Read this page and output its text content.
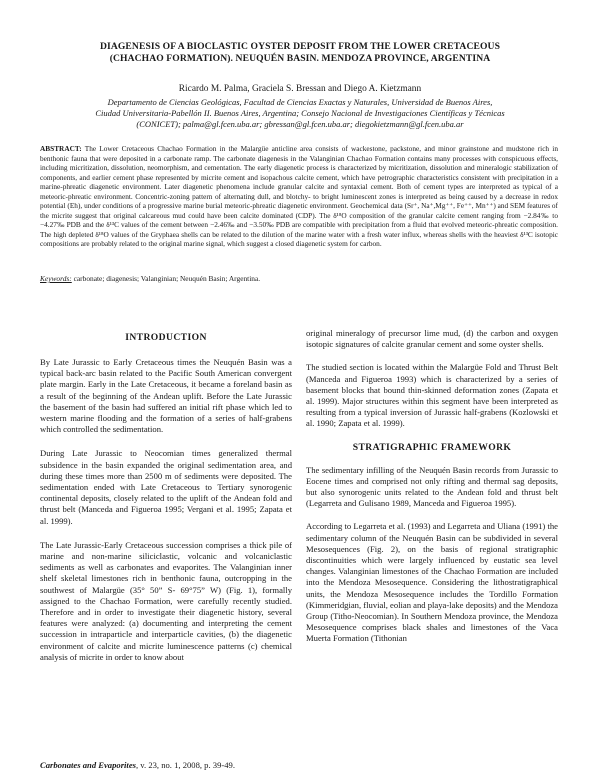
DIAGENESIS OF A BIOCLASTIC OYSTER DEPOSIT FROM THE LOWER CRETACEOUS
(CHACHAO FORMATION). NEUQUÉN BASIN. MENDOZA PROVINCE, ARGENTINA
Ricardo M. Palma, Graciela S. Bressan and Diego A. Kietzmann
Departamento de Ciencias Geológicas, Facultad de Ciencias Exactas y Naturales, Universidad de Buenos Aires,
Ciudad Universitaria-Pabellón II. Buenos Aires, Argentina; Consejo Nacional de Investigaciones Científicas y Técnicas
(CONICET); palma@gl.fcen.uba.ar; gbressan@gl.fcen.uba.ar; diegokietzmann@gl.fcen.uba.ar
ABSTRACT: The Lower Cretaceous Chachao Formation in the Malargüe anticline area consists of wackestone, packstone, and minor grainstone and mudstone rich in benthonic fauna that were deposited in a carbonate ramp. The carbonate diagenesis in the Valanginian Chachao Formation contains many processes with conspicuous effects, including micritization, dissolution, neomorphism, and cementation. The early diagenetic process is characterized by micritization, dissolution and mineralogic stabilization of components, and earlier cement phase represented by micrite cement and isopachous calcite cement, which have petrographic characteristics consistent with precipitation in a marine-phreatic diagenetic environment. Later diagenetic phenomena include granular calcite and syntaxial cement. Both of cement types are interpreted as typical of a meteoric-phreatic environment. Concentric-zoning pattern of alternating dull, and blotchy- to bright luminescent zones is interpreted as being caused by a decrease in redox potential (Eh), under conditions of a progressive marine burial meteoric-phreatic diagenetic environment. Geochemical data (Sr⁺, Na⁺,Mg⁺⁺, Fe⁺⁺, Mn⁺⁺) and SEM features of the micrite suggest that original calcareous mud could have been calcite dominated (CDP). The δ¹⁸O composition of the granular calcite cement ranging from −2.84‰ to −4.27‰ PDB and the δ¹³C values of the cement between −2.46‰ and −3.50‰ PDB are compatible with precipitation from a fluid that evolved meteoric-phreatic composition. The high depleted δ¹⁸O values of the Gryphaea shells can be related to the dilution of the marine water with a fresh water influx, whereas shells with the heaviest δ¹³C isotopic compositions are probably related to the original marine signal, which suggest a closed diagenetic system for carbon.
Keywords: carbonate; diagenesis; Valanginian; Neuquén Basin; Argentina.
INTRODUCTION

By Late Jurassic to Early Cretaceous times the Neuquén Basin was a typical back-arc basin related to the Pacific South American convergent plate margin. Early in the Late Cretaceous, it became a foreland basin as a result of the beginning of the Andean uplift. Before the Late Jurassic the basement of the basin had suffered an initial rift phase which led to western marine flooding and the formation of a series of half-grabens which controlled the sedimentation.

During Late Jurassic to Neocomian times generalized thermal subsidence in the basin expanded the original sedimentation area, and during these times more than 2500 m of sediments were deposited. The sedimentation ended with Late Cretaceous to Tertiary synorogenic continental deposits, closely related to the uplift of the Andean fold and thrust belt (Manceda and Figueroa 1995; Vergani et al. 1995; Zapata et al. 1999).

The Late Jurassic-Early Cretaceous succession comprises a thick pile of marine and non-marine siliciclastic, volcanic and volcaniclastic sediments as well as carbonates and evaporites. The Valanginian inner shelf skeletal limestones rich in benthonic fauna, outcropping in the southwest of Malargüe (35° 50” S- 69°75” W) (Fig. 1), formally assigned to the Chachao Formation, were carefully recently studied. Therefore and in order to investigate their diagenetic history, several features were analyzed: (a) documenting and interpreting the cement succession in intraparticle and interparticle cavities, (b) the diagenetic environment of calcite and micrite luminescence patterns (c) chemical analysis of micrite in order to know about

original mineralogy of precursor lime mud, (d) the carbon and oxygen isotopic signatures of calcite granular cement and some oyster shells.

The studied section is located within the Malargüe Fold and Thrust Belt (Manceda and Figueroa 1993) which is characterized by a series of basement blocks that bound thin-skinned deformation zones (Zapata et al. 1999). Major structures within this segment have been interpreted as resulting from a typical inversion of Jurassic half-grabens (Kozlowski et al. 1990; Zapata et al. 1999).

STRATIGRAPHIC FRAMEWORK

The sedimentary infilling of the Neuquén Basin records from Jurassic to Eocene times and comprised not only rifting and thermal sag deposits, but also synorogenic units related to the Andean fold and thrust belt (Legarreta and Gulisano 1989, Manceda and Figueroa 1995).

According to Legarreta et al. (1993) and Legarreta and Uliana (1991) the sedimentary column of the Neuquén Basin can be subdivided in several Mesosequences (Fig. 2), on the basis of regional stratigraphic discontinuities which were largely influenced by eustatic sea level changes. Valanginian limestones of the Chachao Formation are included into the Mendoza Mesosequence. Considering the lithostratigraphical units, the Mendoza Mesosequence includes the Tordillo Formation (Kimmeridgian, fluvial, eolian and playa-lake deposits) and the Mendoza Group (Titho-Neocomian). In Southern Mendoza province, the Mendoza Mesosequence comprises black shales and limestones of the Vaca Muerta Formation (Tithonian

Carbonates and Evaporites, v. 23, no. 1, 2008, p. 39-49.
